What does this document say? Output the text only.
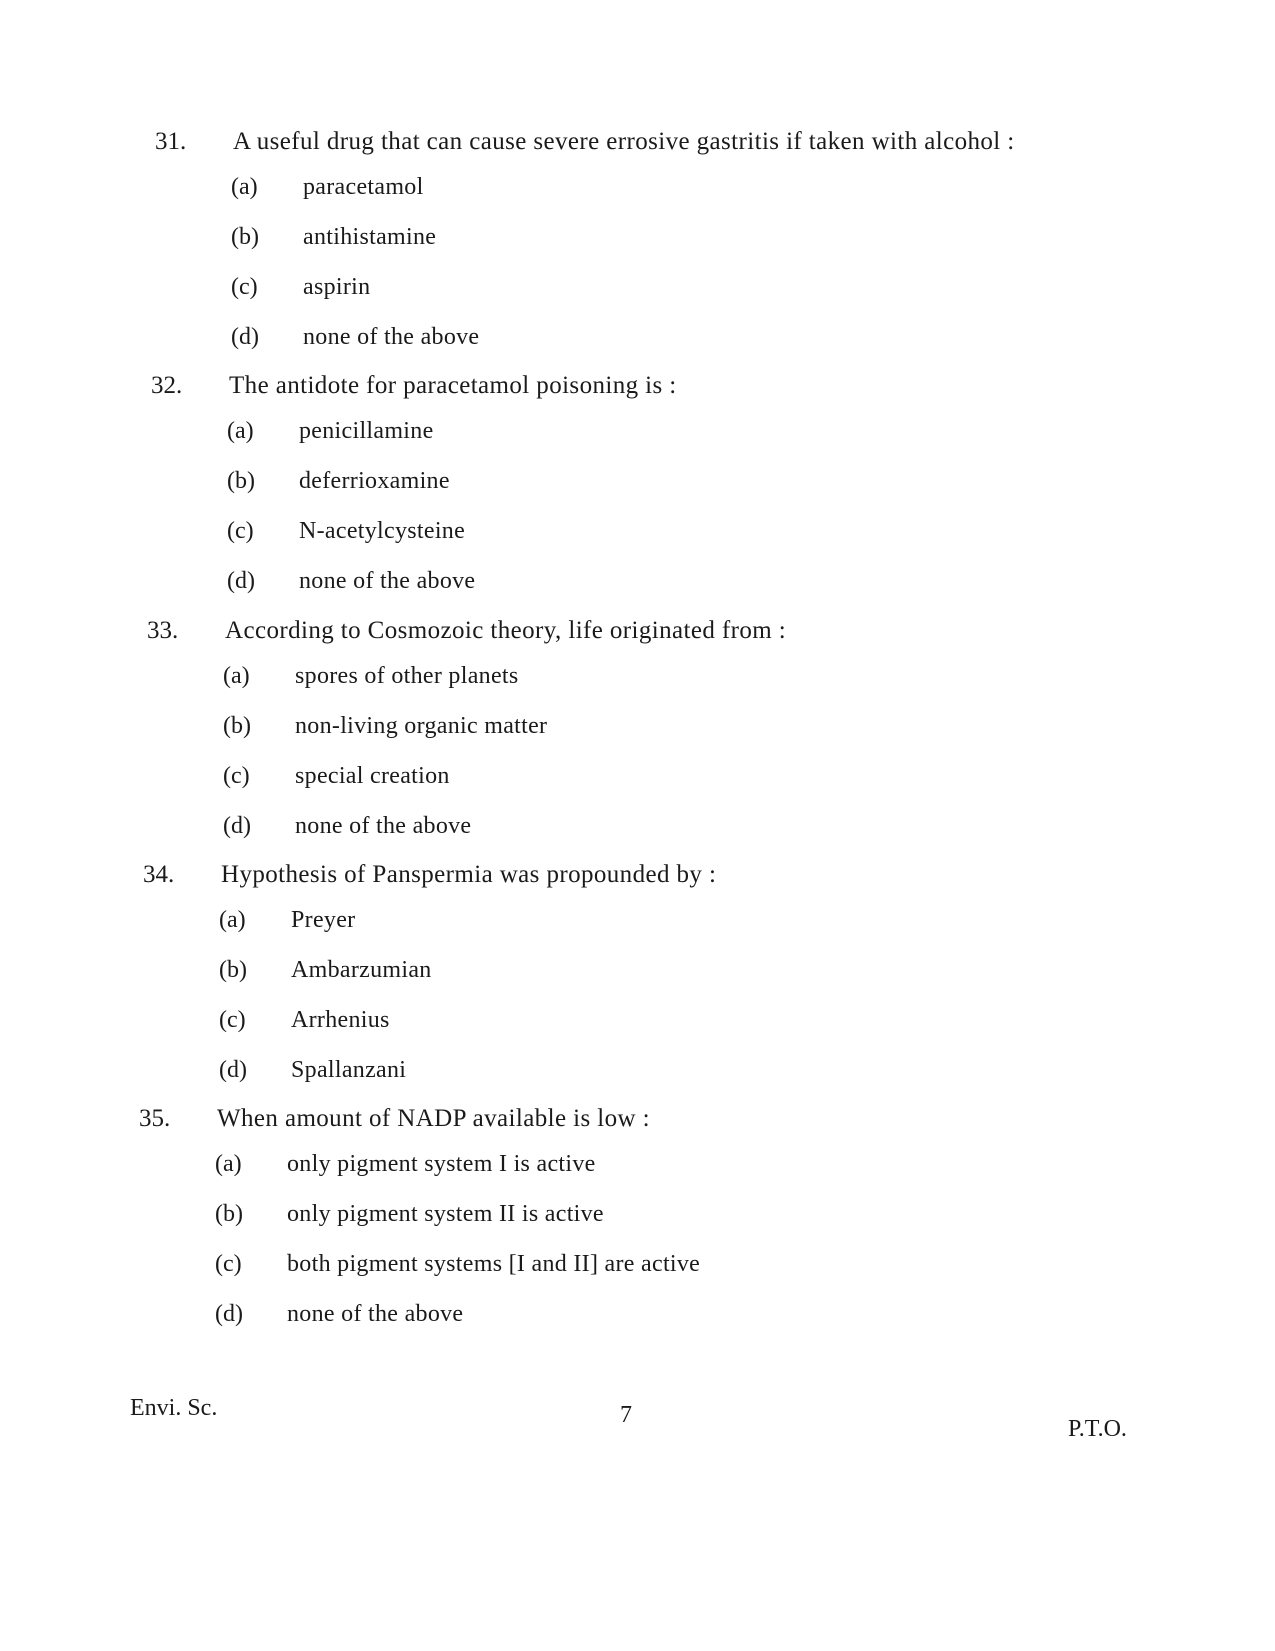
31. A useful drug that can cause severe errosive gastritis if taken with alcohol :
(a) paracetamol
(b) antihistamine
(c) aspirin
(d) none of the above
32. The antidote for paracetamol poisoning is :
(a) penicillamine
(b) deferrioxamine
(c) N-acetylcysteine
(d) none of the above
33. According to Cosmozoic theory, life originated from :
(a) spores of other planets
(b) non-living organic matter
(c) special creation
(d) none of the above
34. Hypothesis of Panspermia was propounded by :
(a) Preyer
(b) Ambarzumian
(c) Arrhenius
(d) Spallanzani
35. When amount of NADP available is low :
(a) only pigment system I is active
(b) only pigment system II is active
(c) both pigment systems [I and II] are active
(d) none of the above
Envi. Sc.	7
P.T.O.
